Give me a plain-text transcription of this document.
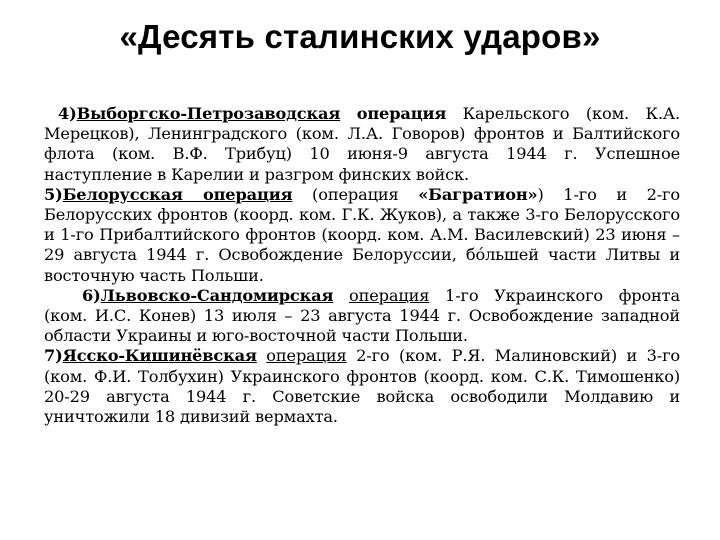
«Десять сталинских ударов»

4)Выборгско-Петрозаводская операция Карельского (ком. К.А. Мерецков), Ленинградского (ком. Л.А. Говоров) фронтов и Балтийского флота (ком. В.Ф. Трибуц) 10 июня-9 августа 1944 г. Успешное наступление в Карелии и разгром финских войск.

5)Белорусская операция (операция «Багратион») 1-го и 2-го Белорусских фронтов (коорд. ком. Г.К. Жуков), а также 3-го Белорусского и 1-го Прибалтийского фронтов (коорд. ком. А.М. Василевский) 23 июня – 29 августа 1944 г. Освобождение Белоруссии, бо́льшей части Литвы и восточную часть Польши.

6)Львовско-Сандомирская операция 1-го Украинского фронта (ком. И.С. Конев) 13 июля – 23 августа 1944 г. Освобождение западной области Украины и юго-восточной части Польши.

7)Ясско-Кишинёвская операция 2-го (ком. Р.Я. Малиновский) и 3-го (ком. Ф.И. Толбухин) Украинского фронтов (коорд. ком. С.К. Тимошенко) 20-29 августа 1944 г. Советские войска освободили Молдавию и уничтожили 18 дивизий вермахта.
